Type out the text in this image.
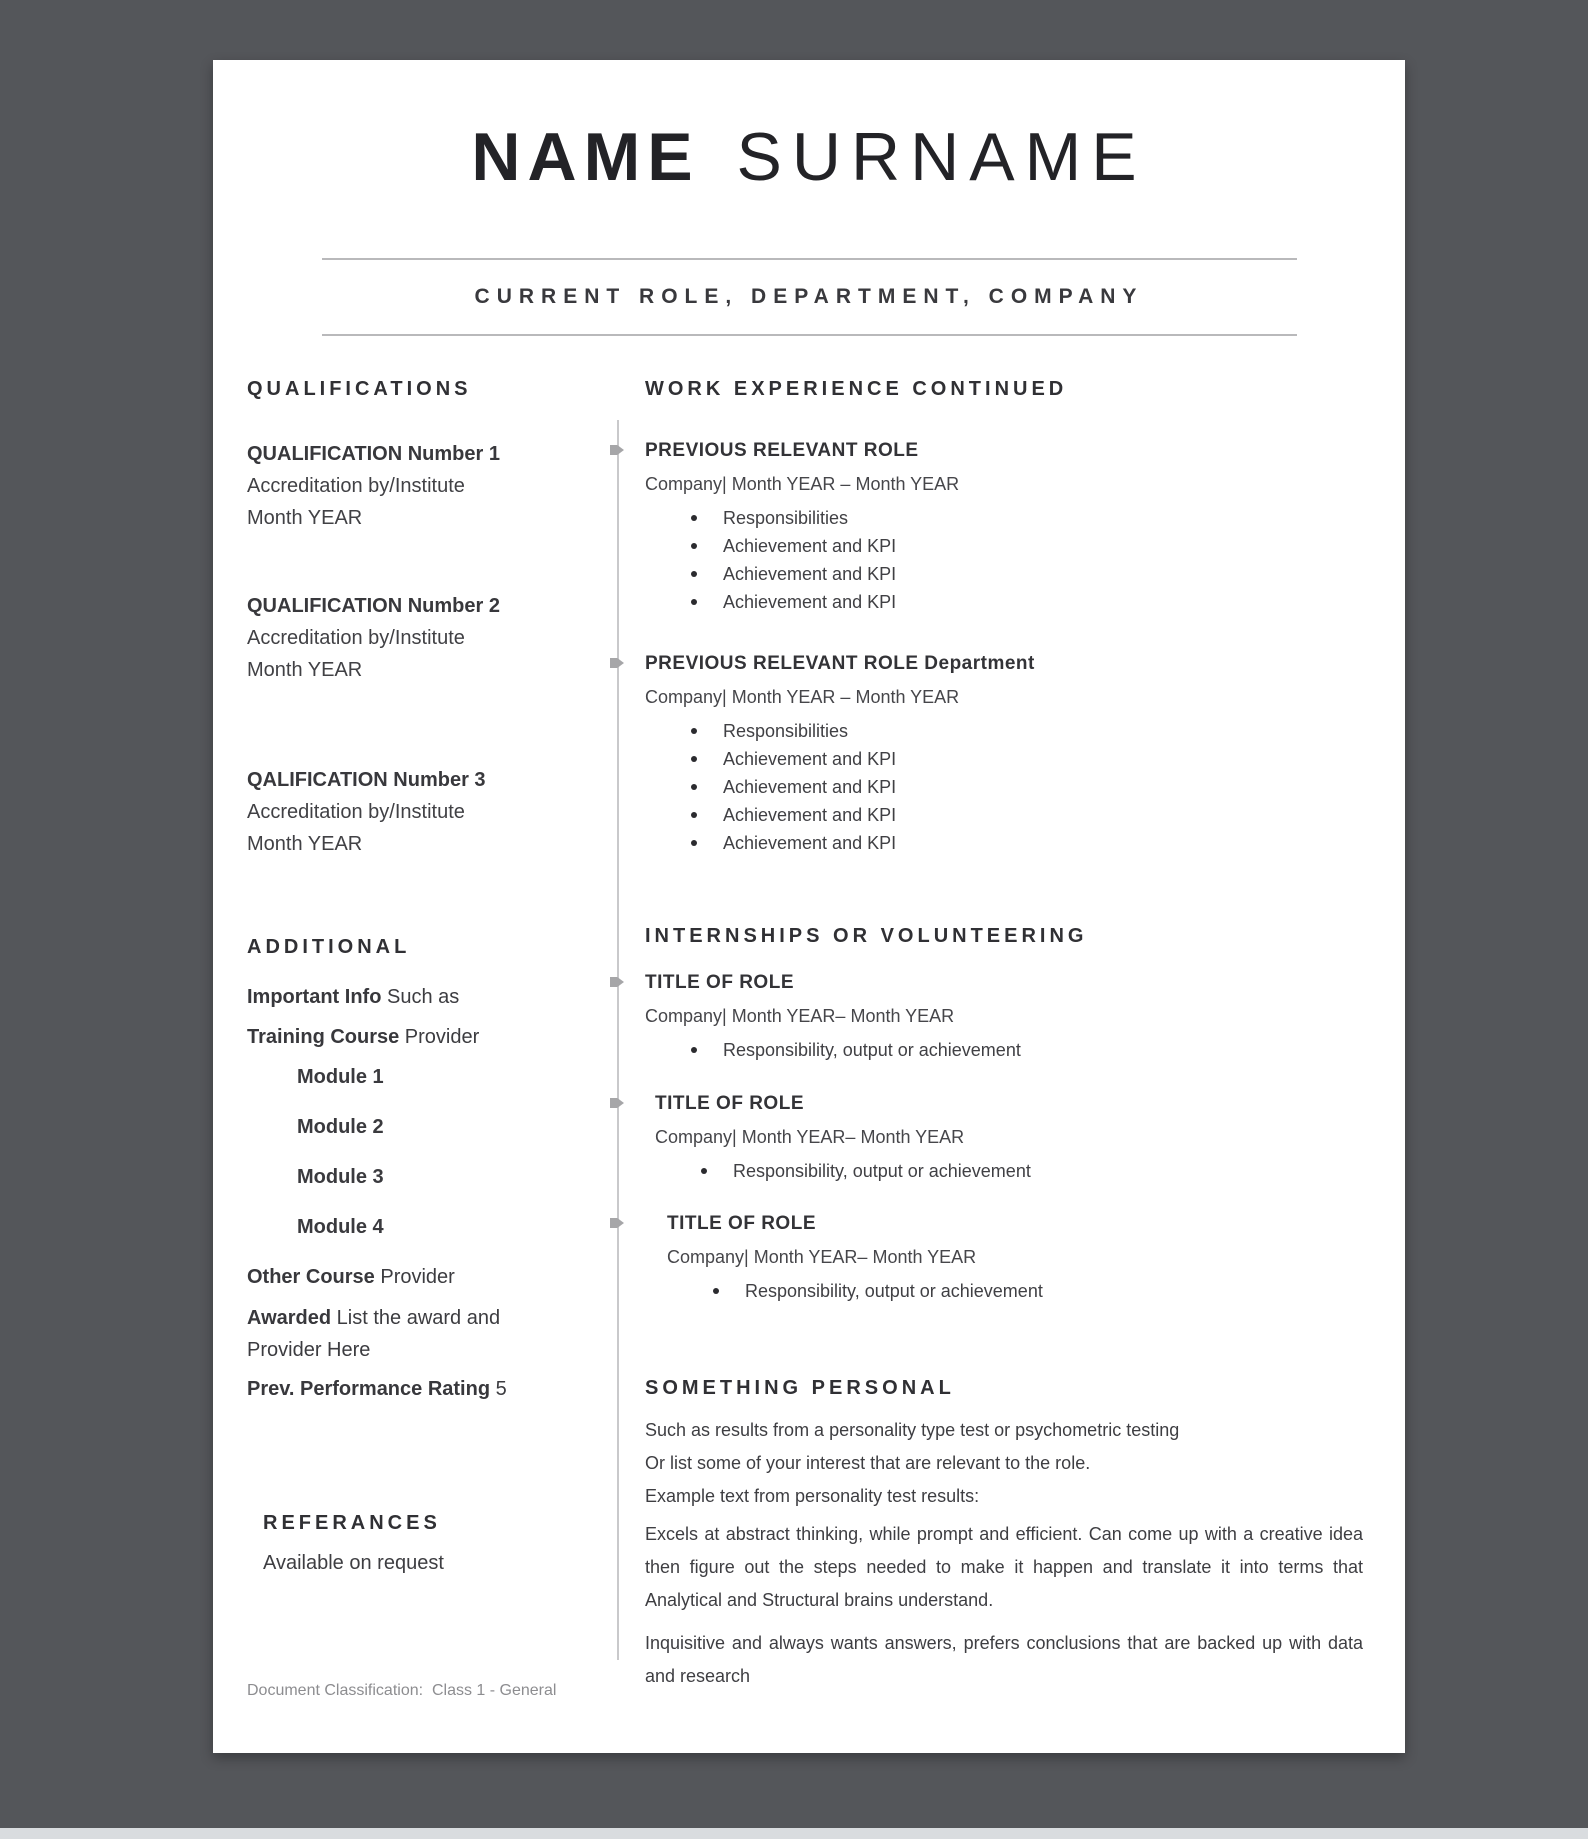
NAME SURNAME
CURRENT ROLE, DEPARTMENT, COMPANY
QUALIFICATIONS
QUALIFICATION Number 1
Accreditation by/Institute
Month YEAR
QUALIFICATION Number 2
Accreditation by/Institute
Month YEAR
QALIFICATION Number 3
Accreditation by/Institute
Month YEAR
ADDITIONAL
Important Info Such as
Training Course Provider
Module 1
Module 2
Module 3
Module 4
Other Course Provider
Awarded List the award and Provider Here
Prev. Performance Rating 5
REFERANCES
Available on request
WORK EXPERIENCE CONTINUED
PREVIOUS RELEVANT ROLE
Company| Month YEAR – Month YEAR
Responsibilities
Achievement and KPI
Achievement and KPI
Achievement and KPI
PREVIOUS RELEVANT ROLE Department
Company| Month YEAR – Month YEAR
Responsibilities
Achievement and KPI
Achievement and KPI
Achievement and KPI
Achievement and KPI
INTERNSHIPS OR VOLUNTEERING
TITLE OF ROLE
Company| Month YEAR– Month YEAR
Responsibility, output or achievement
TITLE OF ROLE
Company| Month YEAR– Month YEAR
Responsibility, output or achievement
TITLE OF ROLE
Company| Month YEAR– Month YEAR
Responsibility, output or achievement
SOMETHING PERSONAL
Such as results from a personality type test or psychometric testing
Or list some of your interest that are relevant to the role.
Example text from personality test results:
Excels at abstract thinking, while prompt and efficient. Can come up with a creative idea then figure out the steps needed to make it happen and translate it into terms that Analytical and Structural brains understand.
Inquisitive and always wants answers, prefers conclusions that are backed up with data and research
Document Classification:  Class 1 - General
